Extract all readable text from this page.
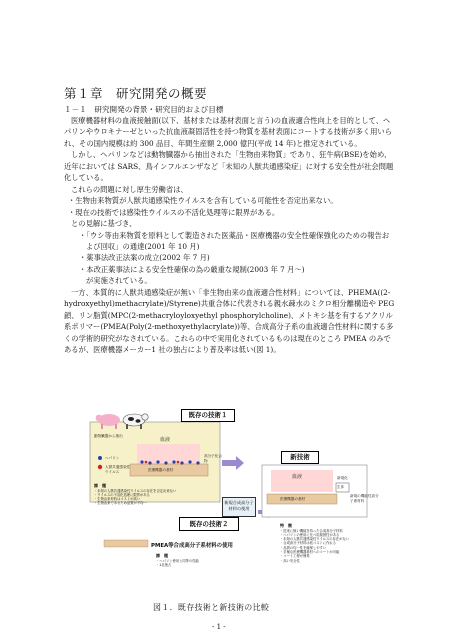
第１章　研究開発の概要
１－１　研究開発の背景・研究目的および目標

医療機器材料の血液接触面(以下、基材または基材表面と言う)の血液適合性向上を目的として、ヘパリンやウロキナーゼといった抗血液凝固活性を持つ物質を基材表面にコートする技術が多く用いられ、その国内規模は約 300 品目、年間生産額 2,000 億円(平成 14 年)と推定されている。

しかし、ヘパリンなどは動物臓器から抽出された「生物由来物質」であり、狂牛病(BSE)を始め、近年においては SARS、鳥インフルエンザなど「未知の人獣共通感染症」に対する安全性が社会問題化している。

これらの問題に対し厚生労働省は、

・生物由来物質が人獣共通感染性ウイルスを含有している可能性を否定出来ない。

・現在の技術では感染性ウイルスの不活化処理等に限界がある。

との見解に基づき、

・「ウシ等由来物質を原料として製造された医薬品・医療機器の安全性確保強化のための報告および回収」の通達(2001 年 10 月)

・薬事法改正法案の成立(2002 年 7 月)

・本改正薬事法による安全性確保の為の厳重な規制(2003 年 7 月～)

が実施されている。

一方、本質的に人獣共通感染症が無い「非生物由来の血液適合性材料」については、PHEMA((2-hydroxyethyl)methacrylate)/Styrene)共重合体に代表される親水疎水のミクロ相分離構造や PEG 鎖、リン脂質(MPC(2-methacryloyloxyethyl phosphorylcholine)、メトキシ基を有するアクリル系ポリマー(PMEA(Poly(2-methoxyethylacrylate))等、合成高分子系の血液適合性材料に関する多くの学術的研究がなされている。これらの中で実用化されているものは現在のところ PMEA のみであるが、医療機器メーカー1 社の独占により普及率は低い(図 1)。

既存の技術１
新技術
既存の技術２
血液
血液
医療機器の基材
医療機器の基材
動物臓器から抽出
ヘパリン
人獣共通感染性ウイルス
高分子化合物
生体
新規化
新規の機能性高分子系材料
新規合成高分子材料の使用
PMEA等合成高分子系材料の使用

課　題
・未知の人獣共通感染性ウイルスの存在を否定出来ない
・ウイルスの不活化処理に限界がある
・生物由来材料はコストが高い
・生物由来であるため品質が不均一

課　題
・ヘパリン使用と同等の性能
・1社独占

特　徴
・従来に無い機能を持った合成高分子材料
・ヘパリンの使用に比べ抗凝固性がある
・未知の人獣共通感染性ウイルスの存在がない
・合成高分子材料は低コストに作れる
・品質の均一性を確保しやすい
・多様な医療機器基材へのコートが可能
・コート工程が簡易
・高い安全性

図１．既存技術と新技術の比較
- 1 -
